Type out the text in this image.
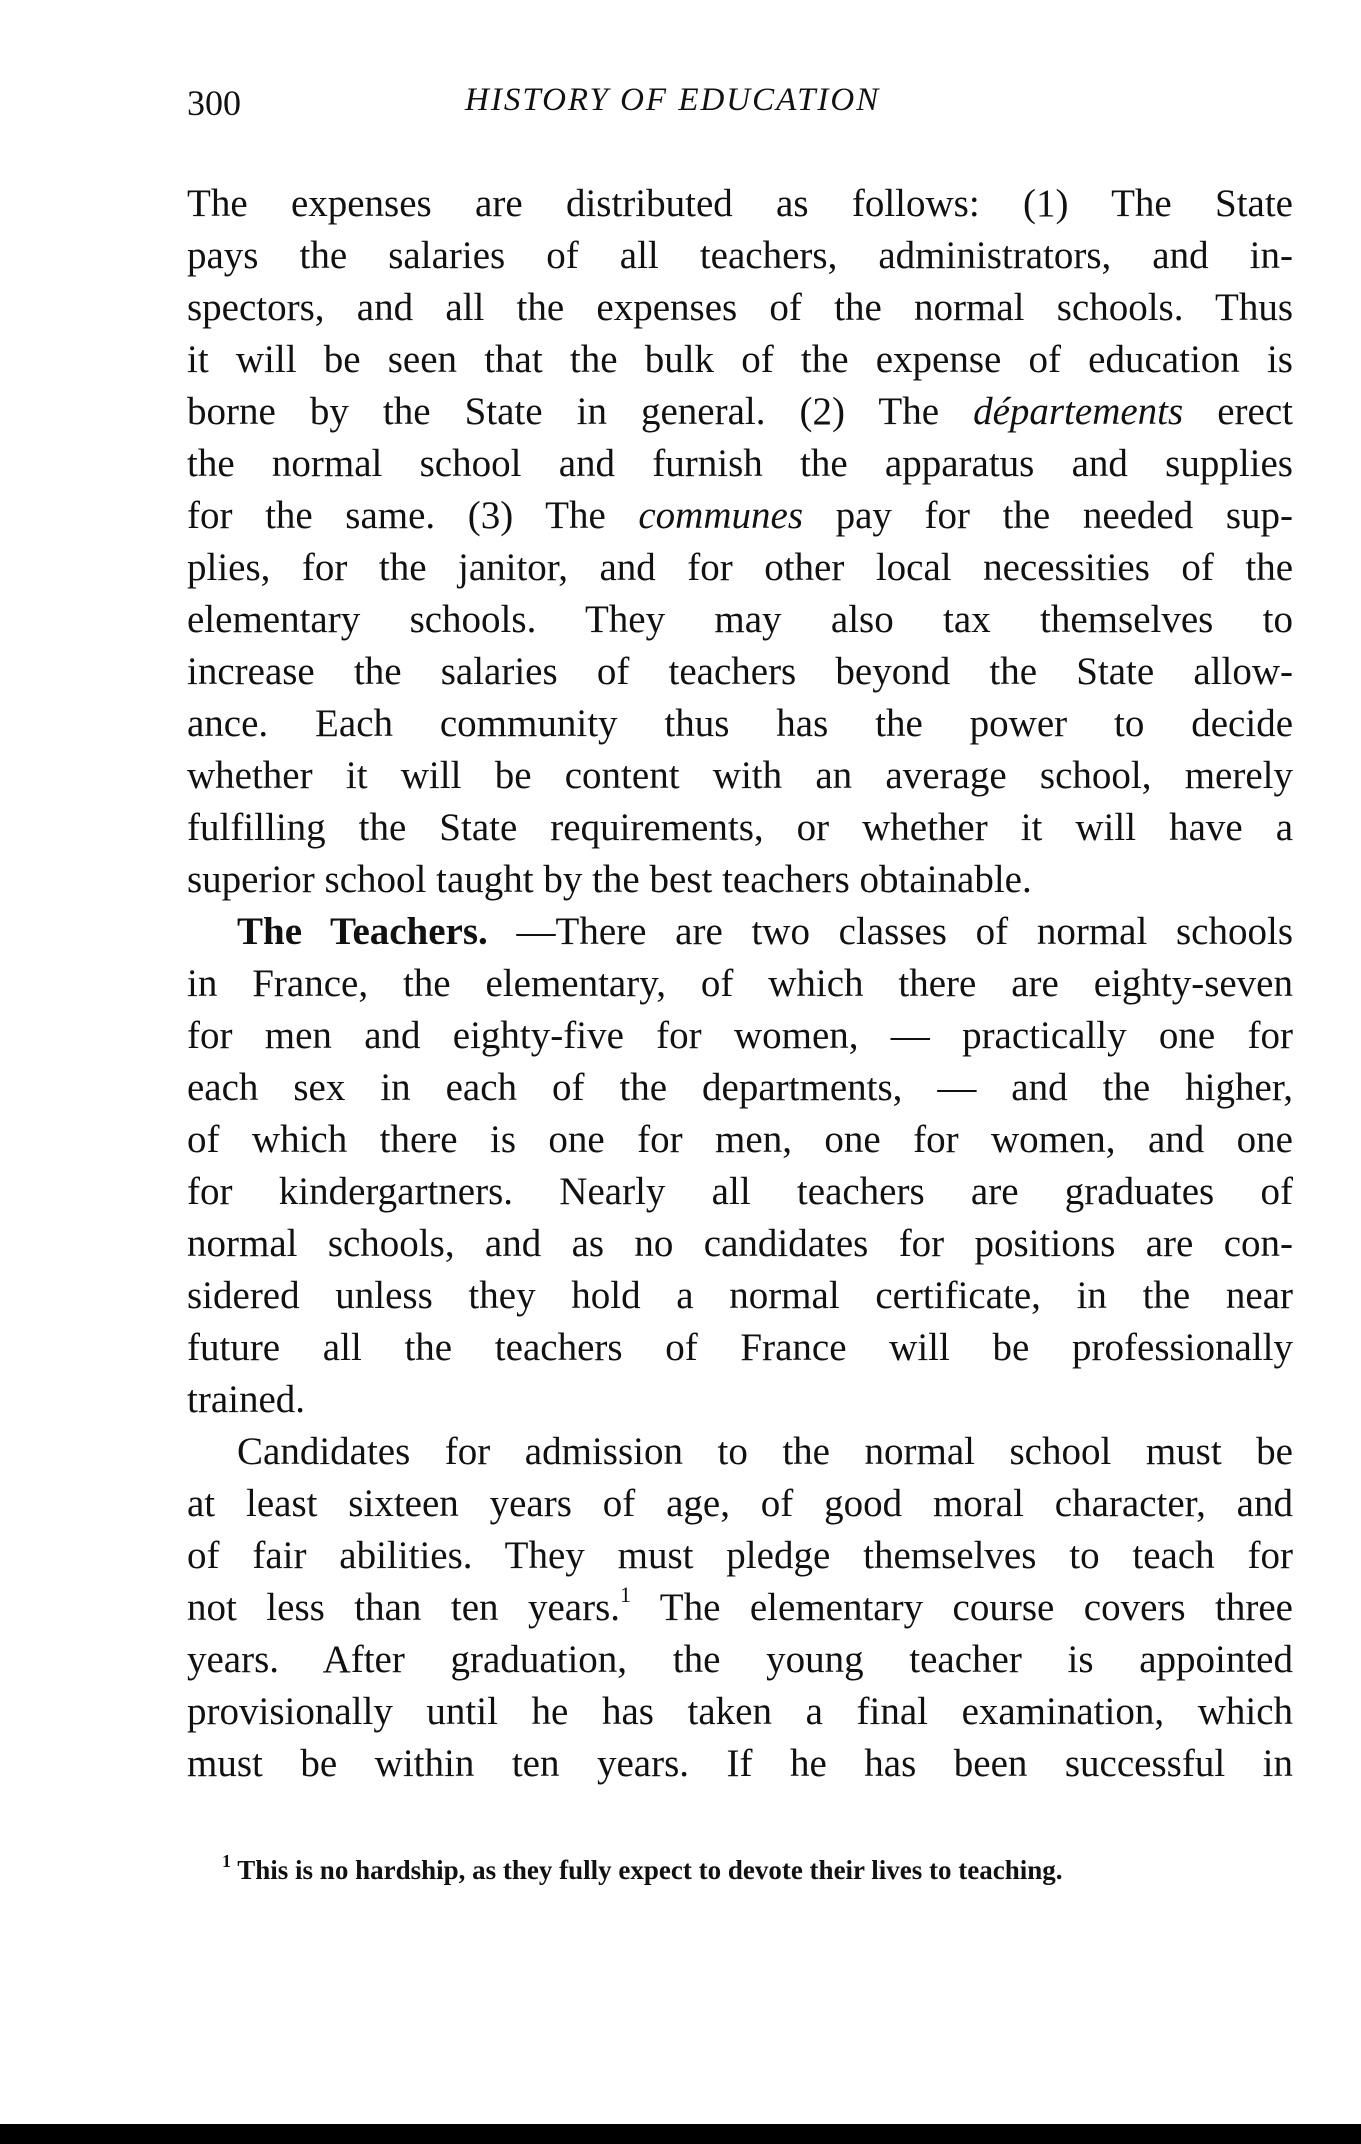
300	HISTORY OF EDUCATION
The expenses are distributed as follows: (1) The State
pays the salaries of all teachers, administrators, and in-
spectors, and all the expenses of the normal schools. Thus
it will be seen that the bulk of the expense of education is
borne by the State in general. (2) The départements erect
the normal school and furnish the apparatus and supplies
for the same. (3) The communes pay for the needed sup-
plies, for the janitor, and for other local necessities of the
elementary schools. They may also tax themselves to
increase the salaries of teachers beyond the State allow-
ance. Each community thus has the power to decide
whether it will be content with an average school, merely
fulfilling the State requirements, or whether it will have a
superior school taught by the best teachers obtainable.
The Teachers. —There are two classes of normal schools
in France, the elementary, of which there are eighty-seven
for men and eighty-five for women, — practically one for
each sex in each of the departments, — and the higher,
of which there is one for men, one for women, and one
for kindergartners. Nearly all teachers are graduates of
normal schools, and as no candidates for positions are con-
sidered unless they hold a normal certificate, in the near
future all the teachers of France will be professionally
trained.
Candidates for admission to the normal school must be
at least sixteen years of age, of good moral character, and
of fair abilities. They must pledge themselves to teach for
not less than ten years.$^1$ The elementary course covers three
years. After graduation, the young teacher is appointed
provisionally until he has taken a final examination, which
must be within ten years. If he has been successful in
$^1$ This is no hardship, as they fully expect to devote their lives to teaching.
